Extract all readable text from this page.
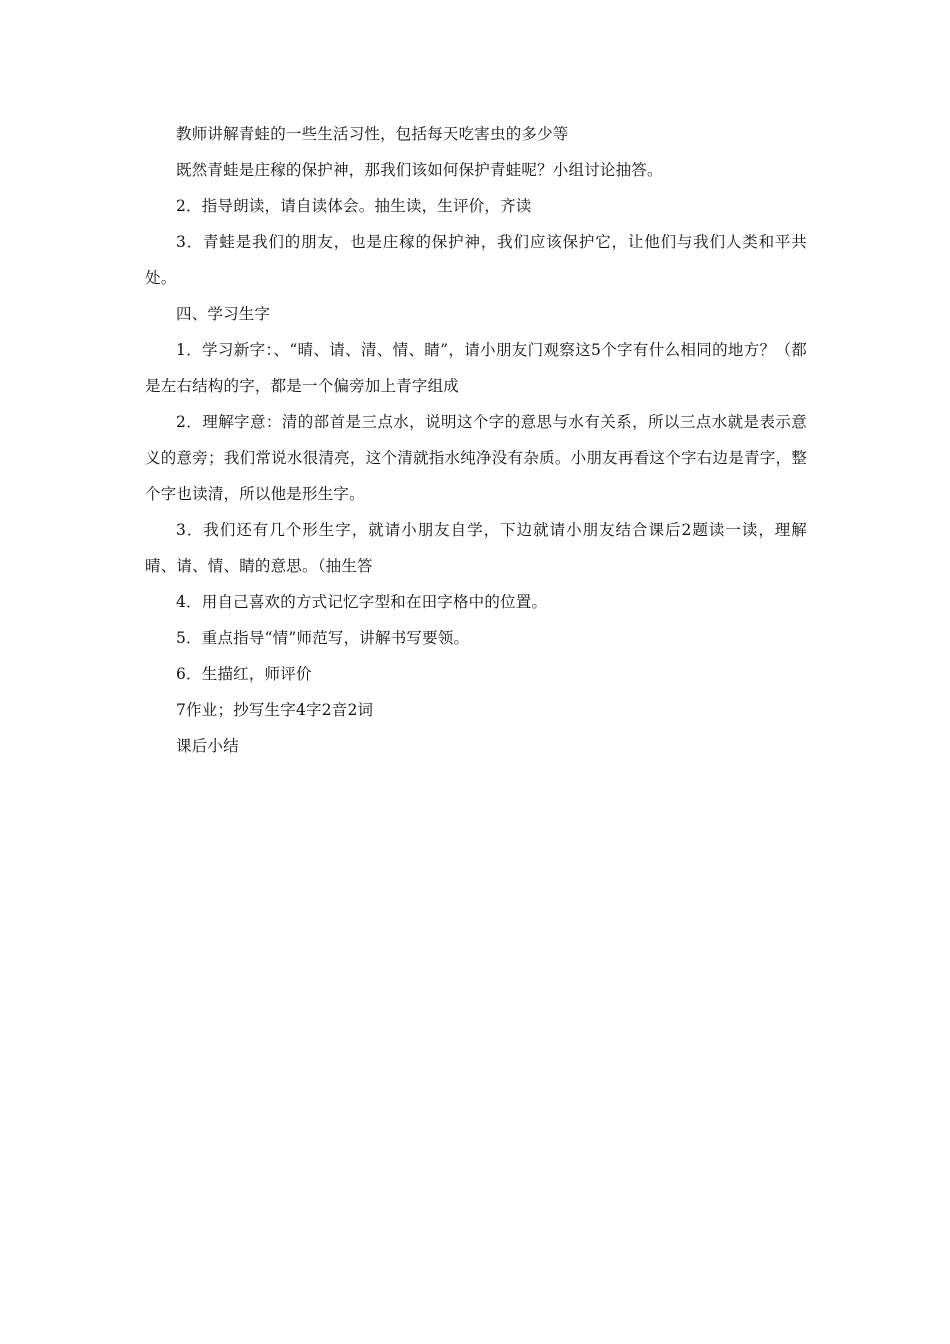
教师讲解青蛙的一些生活习性，包括每天吃害虫的多少等

既然青蛙是庄稼的保护神，那我们该如何保护青蛙呢？小组讨论抽答。

2．指导朗读，请自读体会。抽生读，生评价，齐读

3．青蛙是我们的朋友，也是庄稼的保护神，我们应该保护它，让他们与我们人类和平共处。

四、学习生字

1．学习新字：、“晴、请、清、情、睛”，请小朋友门观察这5个字有什么相同的地方？（都是左右结构的字，都是一个偏旁加上青字组成

2．理解字意：清的部首是三点水，说明这个字的意思与水有关系，所以三点水就是表示意义的意旁；我们常说水很清亮，这个清就指水纯净没有杂质。小朋友再看这个字右边是青字，整个字也读清，所以他是形生字。

3．我们还有几个形生字，就请小朋友自学，下边就请小朋友结合课后2题读一读，理解晴、请、情、睛的意思。（抽生答

4．用自己喜欢的方式记忆字型和在田字格中的位置。

5．重点指导“情”师范写，讲解书写要领。

6．生描红，师评价

7作业；抄写生字4字2音2词

课后小结
